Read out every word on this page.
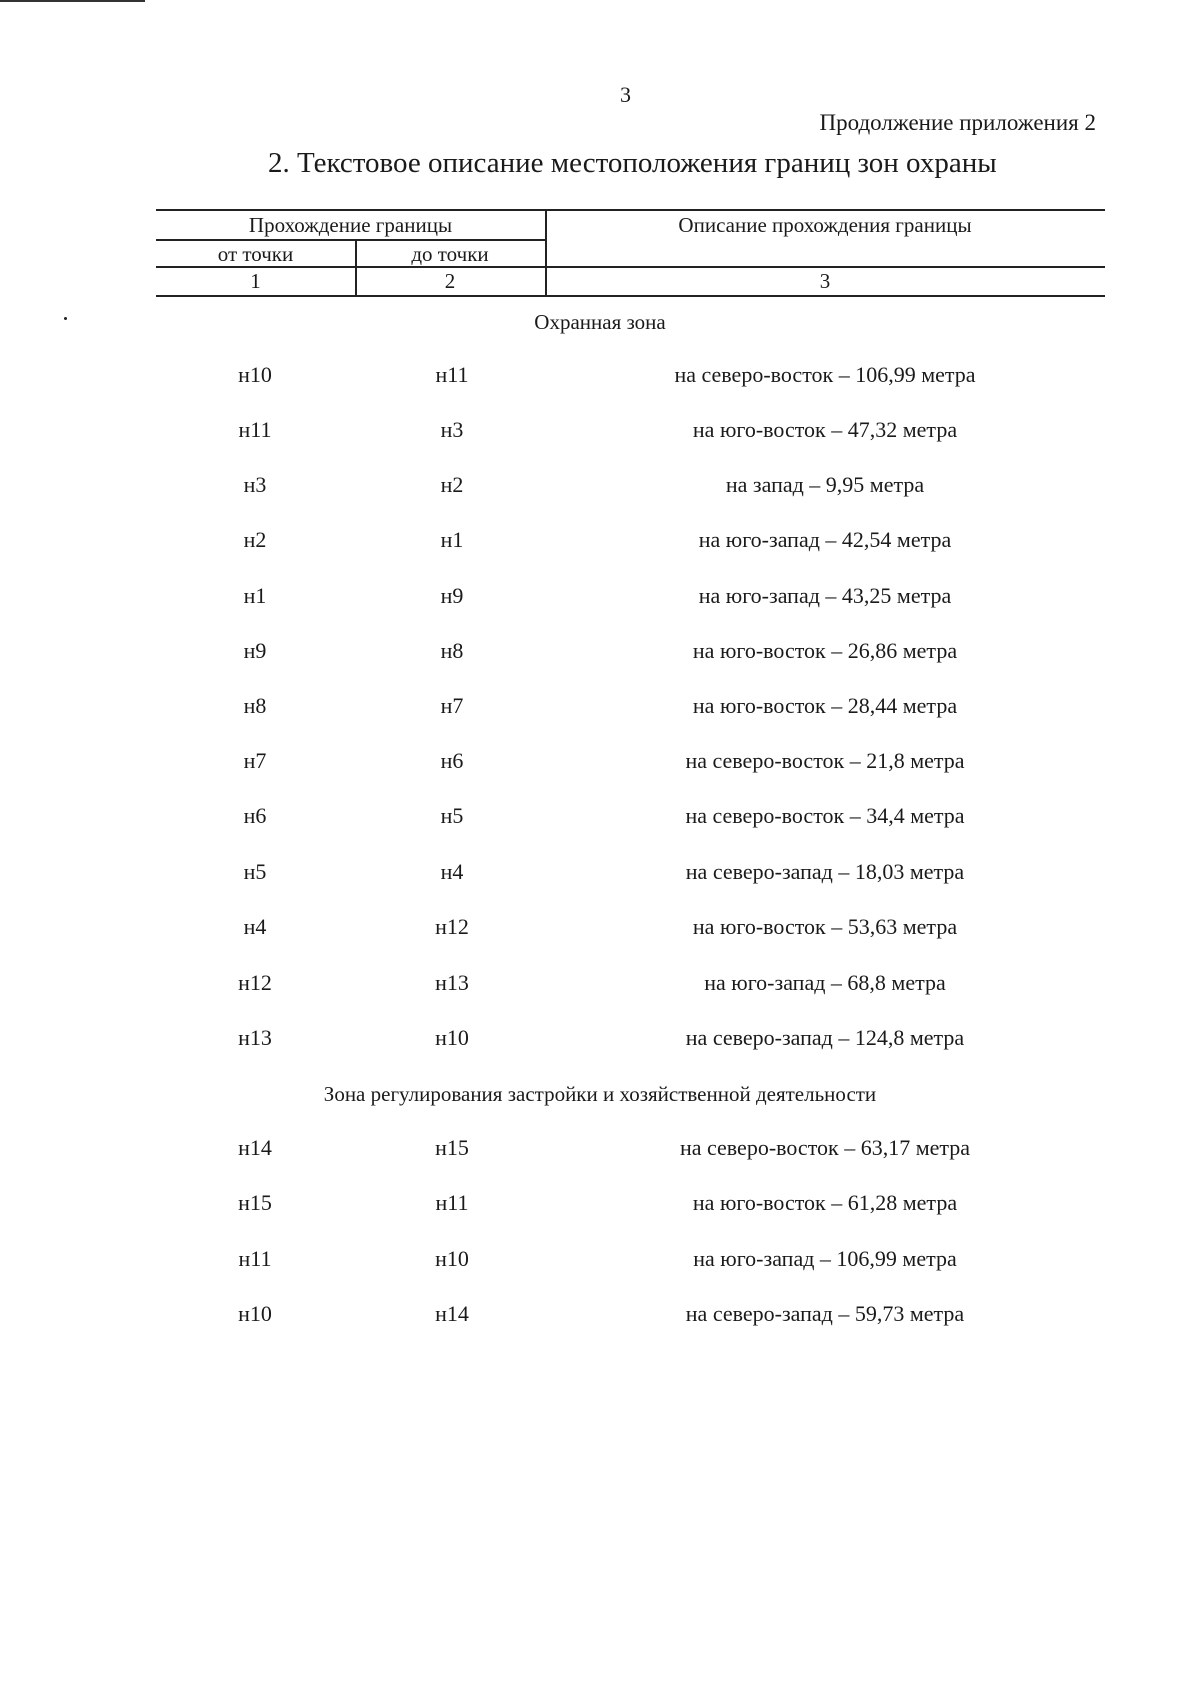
3
Продолжение приложения 2
2. Текстовое описание местоположения границ зон охраны
Прохождение границы
от точки	до точки
Описание прохождения границы
1	2	3
Охранная зона
н10	н11	на северо-восток – 106,99 метра
н11	н3	на юго-восток – 47,32 метра
н3	н2	на запад – 9,95 метра
н2	н1	на юго-запад – 42,54 метра
н1	н9	на юго-запад – 43,25 метра
н9	н8	на юго-восток – 26,86 метра
н8	н7	на юго-восток – 28,44 метра
н7	н6	на северо-восток – 21,8 метра
н6	н5	на северо-восток – 34,4 метра
н5	н4	на северо-запад – 18,03 метра
н4	н12	на юго-восток – 53,63 метра
н12	н13	на юго-запад – 68,8 метра
н13	н10	на северо-запад – 124,8 метра
Зона регулирования застройки и хозяйственной деятельности
н14	н15	на северо-восток – 63,17 метра
н15	н11	на юго-восток – 61,28 метра
н11	н10	на юго-запад – 106,99 метра
н10	н14	на северо-запад – 59,73 метра
